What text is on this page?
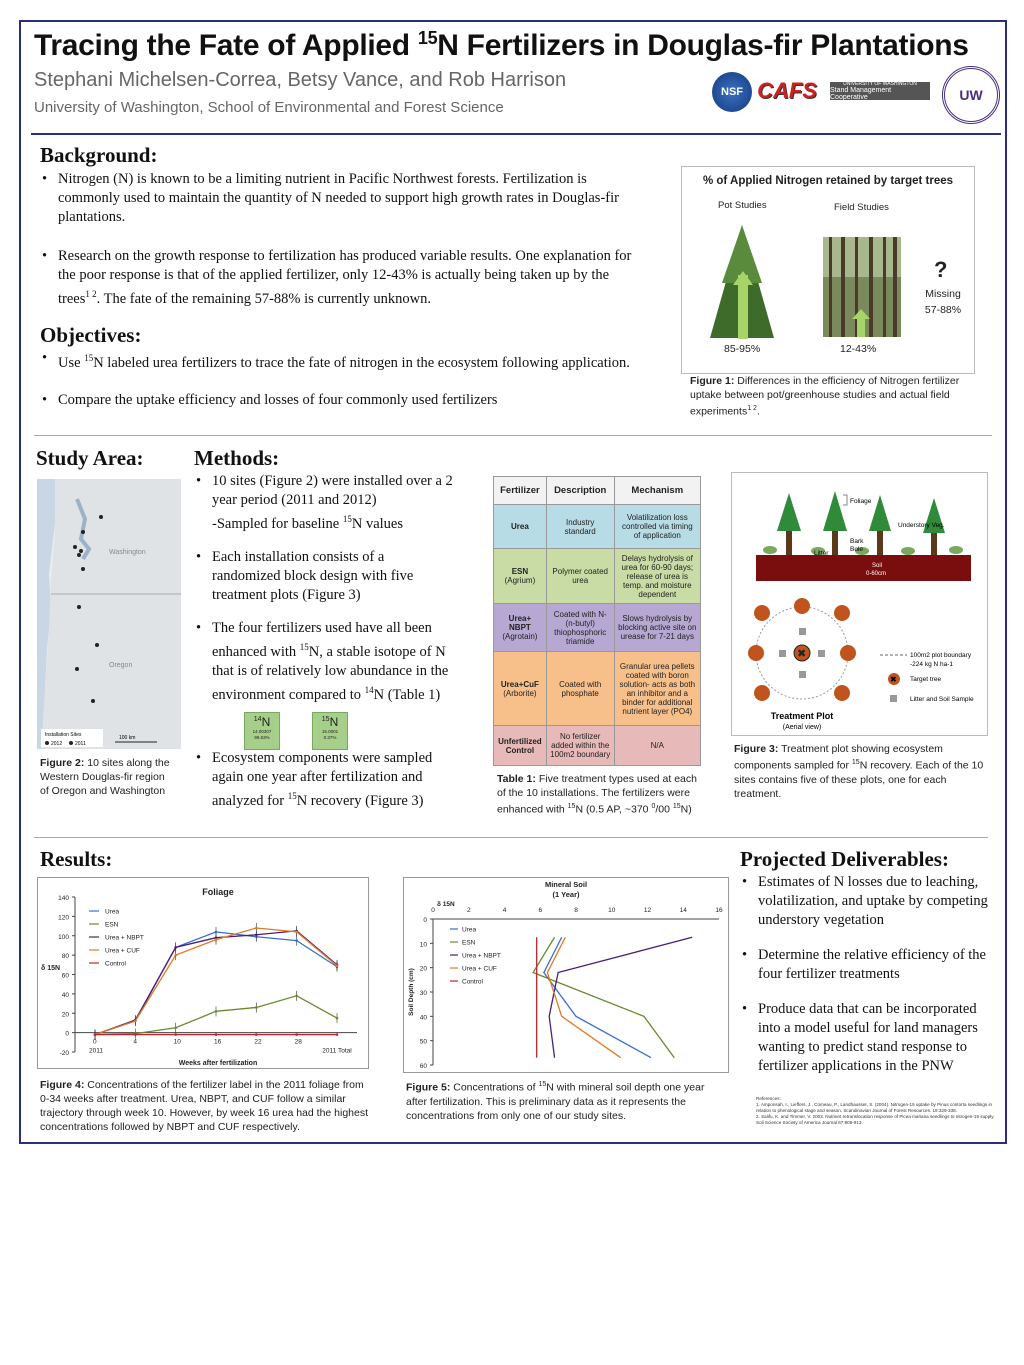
Tracing the Fate of Applied $^{15}$N Fertilizers in Douglas-fir Plantations
Stephani Michelsen-Correa, Betsy Vance, and Rob Harrison
University of Washington, School of Environmental and Forest Science
NSF CAFS	UNIVERSITY OF WASHINGTON
Stand Management Cooperative	UW
Background:
• Nitrogen (N) is known to be a limiting nutrient in Pacific Northwest forests. Fertilization is commonly used to maintain the quantity of N needed to support high growth rates in Douglas-fir plantations.
• Research on the growth response to fertilization has produced variable results. One explanation for the poor response is that of the applied fertilizer, only 12-43% is actually being taken up by the trees$^{1 2}$. The fate of the remaining 57-88% is currently unknown.
Objectives:
• Use $^{15}$N labeled urea fertilizers to trace the fate of nitrogen in the ecosystem following application.
• Compare the uptake efficiency and losses of four commonly used fertilizers
% of Applied Nitrogen retained by target trees
Pot Studies	Field Studies
?
Missing
57-88%
85-95%	12-43%
Figure 1: Differences in the efficiency of Nitrogen fertilizer uptake between pot/greenhouse studies and actual field experiments$^{1 2}$.
Study Area:
Washington
Oregon
Installation Sites
2012	2011
100 km
Figure 2: 10 sites along the Western Douglas-fir region of Oregon and Washington
Methods:
• 10 sites (Figure 2) were installed over a 2 year period (2011 and 2012)
-Sampled for baseline $^{15}$N values
• Each installation consists of a randomized block design with five treatment plots (Figure 3)
• The four fertilizers used have all been enhanced with $^{15}$N, a stable isotope of N that is of relatively low abundance in the environment compared to $^{14}$N (Table 1)
$^{14}$N
14.00307
99.63%
$^{15}$N
15.0001
0.37%
• Ecosystem components were sampled again one year after fertilization and analyzed for $^{15}$N recovery (Figure 3)
Fertilizer	Description	Mechanism

Urea	Industry standard	Volatilization loss controlled via timing of application

ESN
(Agrium)	Polymer coated urea	Delays hydrolysis of urea for 60-90 days; release of urea is temp. and moisture dependent

Urea+ NBPT
(Agrotain)	Coated with N-(n-butyl) thiophosphoric triamide	Slows hydrolysis by blocking active site on urease for 7-21 days

Urea+CuF
(Arborite)	Coated with phosphate	Granular urea pellets coated with boron solution- acts as both an inhibitor and a binder for additional nutrient layer (PO4)

Unfertilized Control	No fertilizer added within the 100m2 boundary	N/A
Table 1: Five treatment types used at each of the 10 installations. The fertilizers were enhanced with $^{15}$N (0.5 AP, ~370 $^0$/00 $^{15}$N)
Foliage
Understory Veg.
Bark
Bole
Litter
Soil
0-60cm
✖	100m2 plot boundary
-224 kg N ha-1
✖ Target tree
Litter and Soil Sample
Treatment Plot
(Aerial view)
Figure 3: Treatment plot showing ecosystem components sampled for $^{15}$N recovery. Each of the 10 sites contains five of these plots, one for each treatment.
Results:
Foliage
-20
0
20
40
60
80
100
120
140
0	4	10	16	22	28
2011	2011 Total
Weeks after fertilization
δ 15N
Urea
ESN
Urea + NBPT
Urea + CUF
Control
Figure 4: Concentrations of the fertilizer label in the 2011 foliage from 0-34 weeks after treatment. Urea, NBPT, and CUF follow a similar trajectory through week 10. However, by week 16 urea had the highest concentrations followed by NBPT and CUF respectively.
Mineral Soil
(1 Year)
δ 15N
0	2	4	6	8	10	12	14	16
0
10
20
30
40
50
60
Soil Depth (cm)
Urea
ESN
Urea + NBPT
Urea + CUF
Control
Figure 5: Concentrations of $^{15}$N with mineral soil depth one year after fertilization. This is preliminary data as it represents the concentrations from only one of our study sites.
Projected Deliverables:
• Estimates of N losses due to leaching, volatilization, and uptake by competing understory vegetation
• Determine the relative efficiency of the four fertilizer treatments
• Produce data that can be incorporated into a model useful for land managers wanting to predict stand response to fertilizer applications in the PNW
References:
1. Amponsah, I., Lieffers, J., Comeau, P., Landhausser, S. (2004). Nitrogen-15 uptake by Pinus contorta seedlings in relation to phenological stage and season. Scandinavian Journal of Forest Resources. 19:329-338.
2. Salifu, K. and Timmer, V. 2003. Nutrient retranslocation response of Picea mariana seedlings to nitrogen-15 supply. Soil Science Society of America Journal 67:905-913.
